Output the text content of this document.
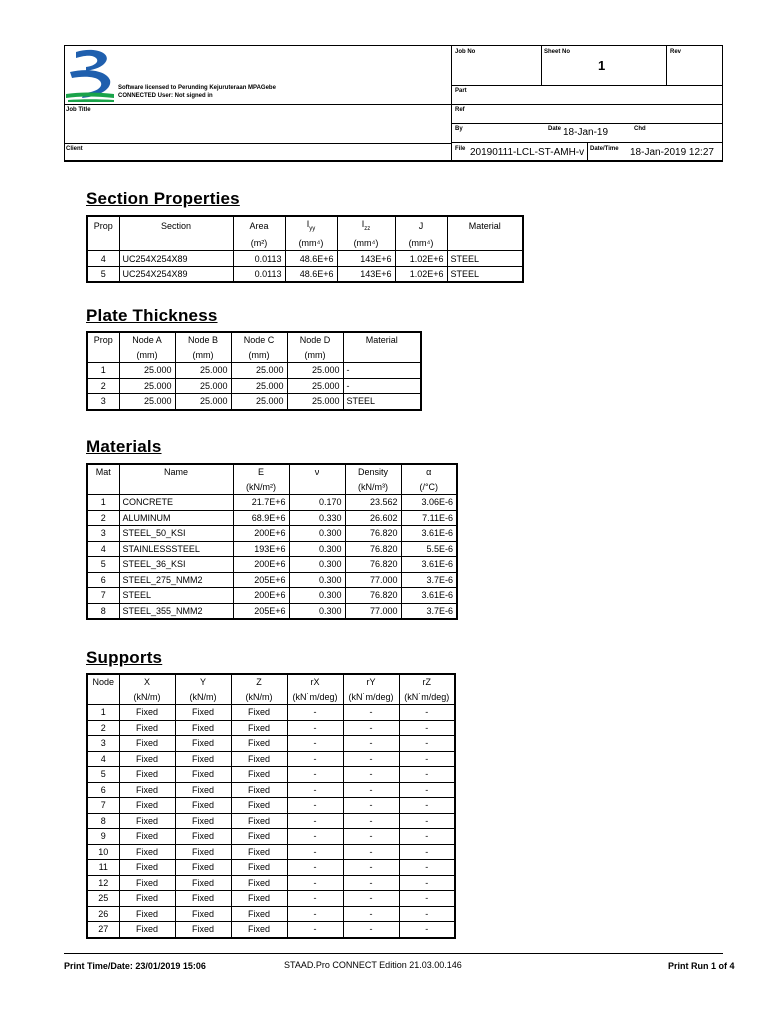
Software licensed to Perunding Kejuruteraan MPAGebe
CONNECTED User: Not signed in
Job Title
Client
Job No	Sheet No
1
Rev
Part
Ref
By	Date 18-Jan-19	Chd
File 20190111-LCL-ST-AMH-v Date/Time 18-Jan-2019 12:27
Section Properties
Prop	Section	Area	$I_{yy}$	$I_{zz}$	J	Material
		(m²)	(mm⁴)	(mm⁴)	(mm⁴)	
4	UC254X254X89	0.0113	48.6E+6	143E+6	1.02E+6	STEEL
5	UC254X254X89	0.0113	48.6E+6	143E+6	1.02E+6	STEEL
Plate Thickness
Prop	Node A	Node B	Node C	Node D	Material
	(mm)	(mm)	(mm)	(mm)	
1	25.000	25.000	25.000	25.000	-
2	25.000	25.000	25.000	25.000	-
3	25.000	25.000	25.000	25.000	STEEL
Materials
Mat	Name	E	ν	Density	α
		(kN/m²)		(kN/m³)	(/°C)
1	CONCRETE	21.7E+6	0.170	23.562	3.06E-6
2	ALUMINUM	68.9E+6	0.330	26.602	7.11E-6
3	STEEL_50_KSI	200E+6	0.300	76.820	3.61E-6
4	STAINLESSSTEEL	193E+6	0.300	76.820	5.5E-6
5	STEEL_36_KSI	200E+6	0.300	76.820	3.61E-6
6	STEEL_275_NMM2	205E+6	0.300	77.000	3.7E-6
7	STEEL	200E+6	0.300	76.820	3.61E-6
8	STEEL_355_NMM2	205E+6	0.300	77.000	3.7E-6
Supports
Node	X	Y	Z	rX	rY	rZ
	(kN/m)	(kN/m)	(kN/m)	(kN˙m/deg)	(kN˙m/deg)	(kN˙m/deg)
1	Fixed	Fixed	Fixed	-	-	-
2	Fixed	Fixed	Fixed	-	-	-
3	Fixed	Fixed	Fixed	-	-	-
4	Fixed	Fixed	Fixed	-	-	-
5	Fixed	Fixed	Fixed	-	-	-
6	Fixed	Fixed	Fixed	-	-	-
7	Fixed	Fixed	Fixed	-	-	-
8	Fixed	Fixed	Fixed	-	-	-
9	Fixed	Fixed	Fixed	-	-	-
10	Fixed	Fixed	Fixed	-	-	-
11	Fixed	Fixed	Fixed	-	-	-
12	Fixed	Fixed	Fixed	-	-	-
25	Fixed	Fixed	Fixed	-	-	-
26	Fixed	Fixed	Fixed	-	-	-
27	Fixed	Fixed	Fixed	-	-	-
Print Time/Date: 23/01/2019 15:06	STAAD.Pro CONNECT Edition 21.03.00.146	Print Run 1 of 4
